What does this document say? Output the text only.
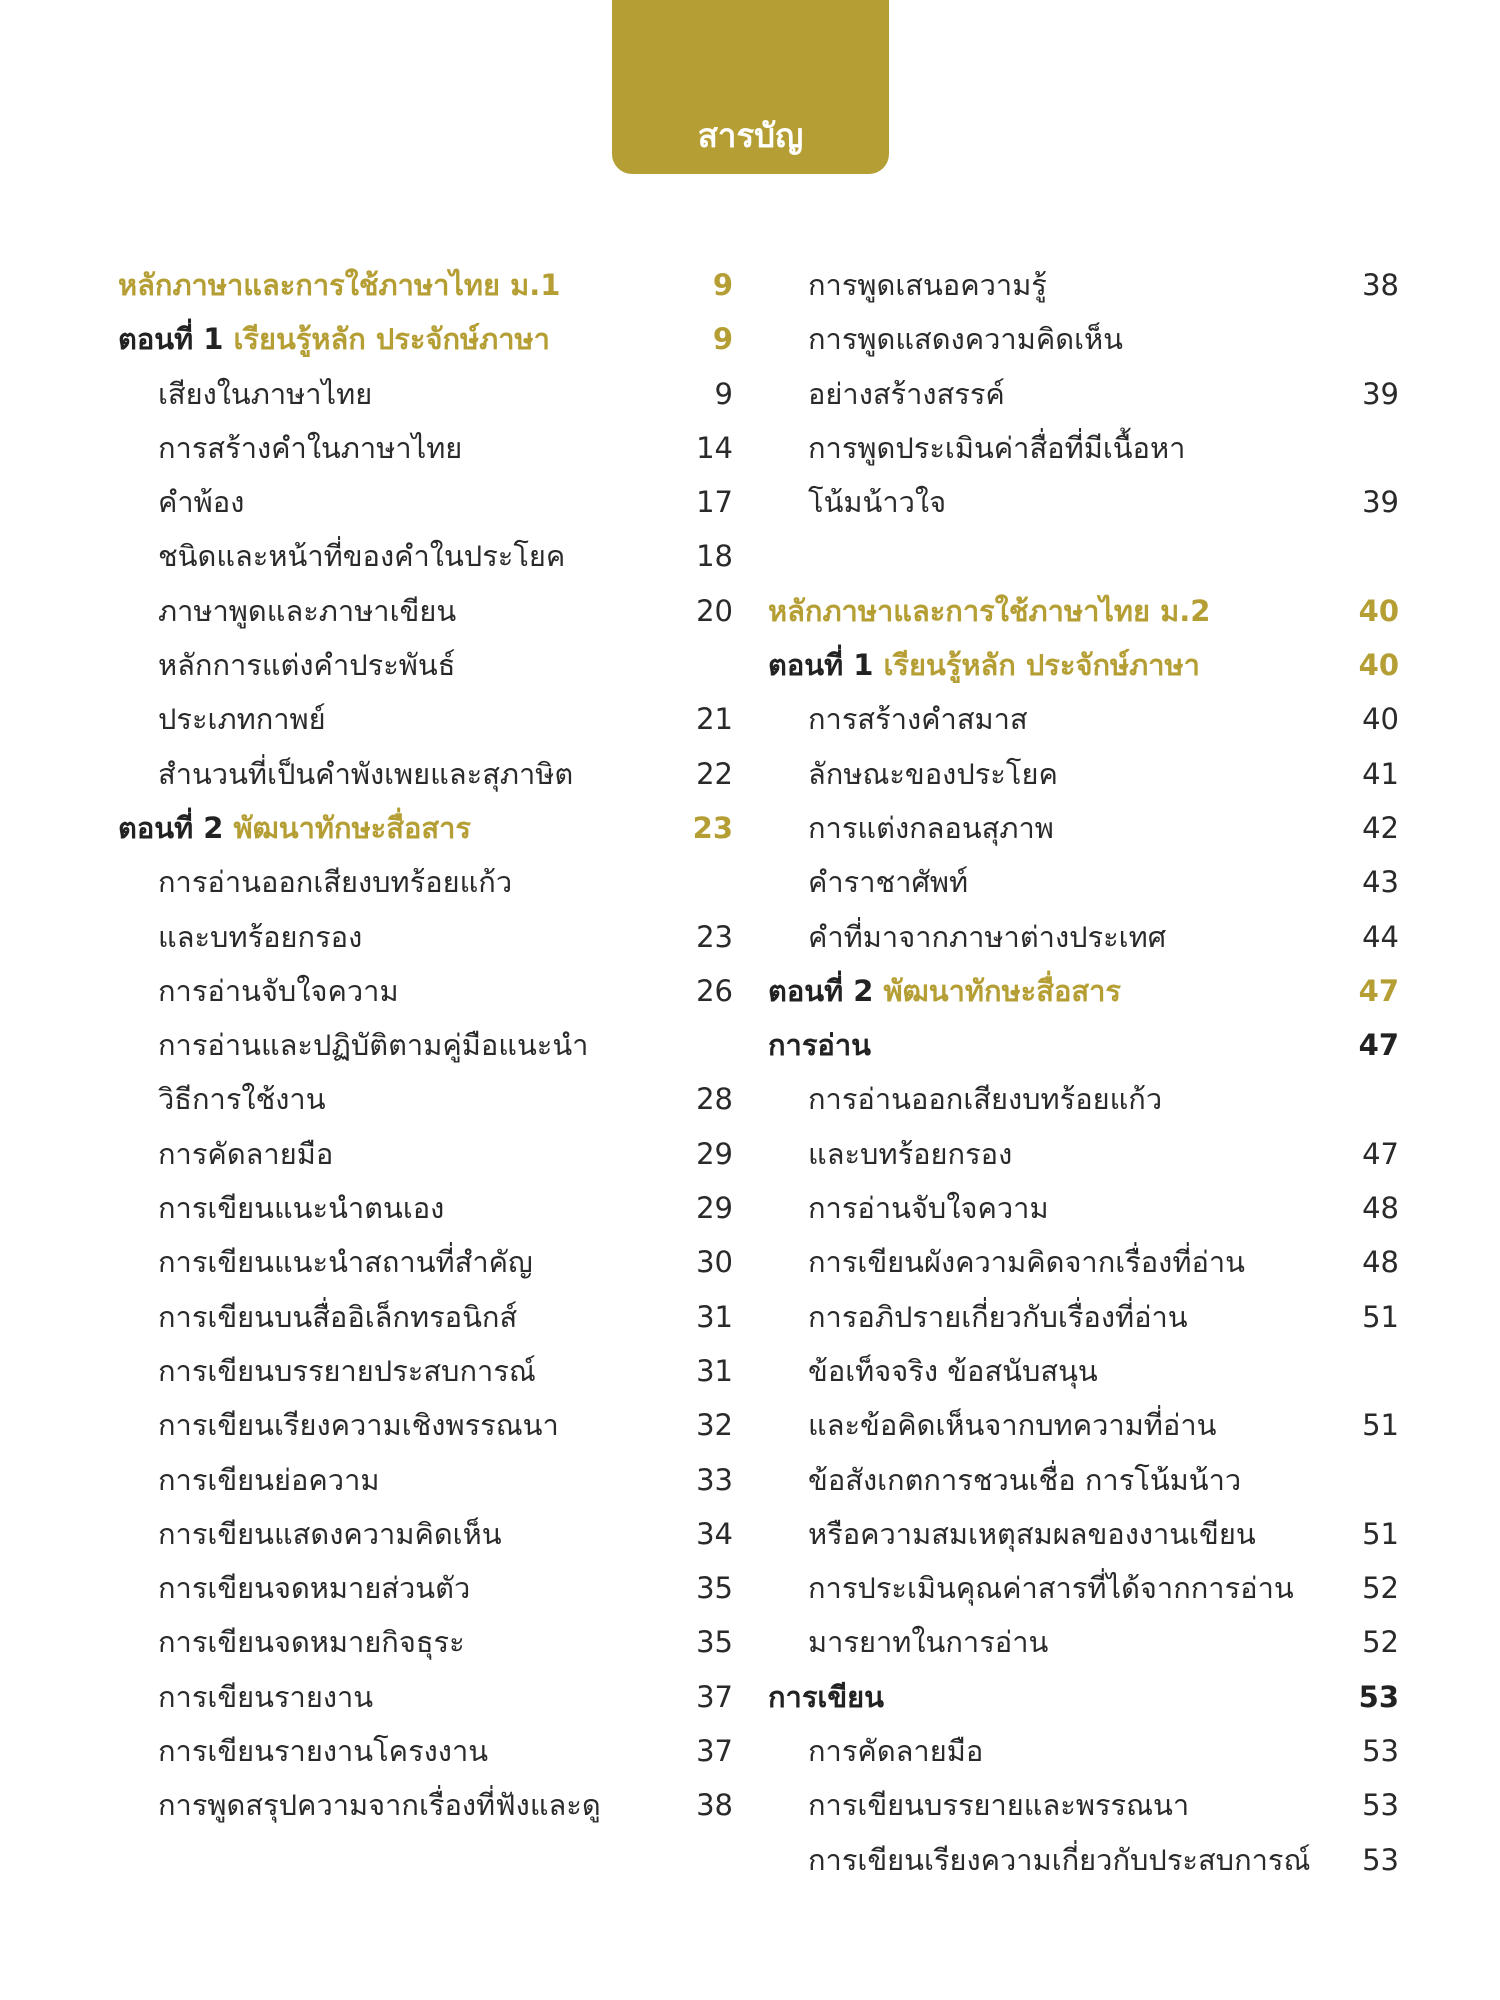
สารบัญ
หลักภาษาและการใช้ภาษาไทย ม.1	9
ตอนที่ 1 เรียนรู้หลัก ประจักษ์ภาษา	9
เสียงในภาษาไทย	9
การสร้างคำในภาษาไทย	14
คำพ้อง	17
ชนิดและหน้าที่ของคำในประโยค	18
ภาษาพูดและภาษาเขียน	20
หลักการแต่งคำประพันธ์
ประเภทกาพย์	21
สำนวนที่เป็นคำพังเพยและสุภาษิต	22
ตอนที่ 2 พัฒนาทักษะสื่อสาร	23
การอ่านออกเสียงบทร้อยแก้ว
และบทร้อยกรอง	23
การอ่านจับใจความ	26
การอ่านและปฏิบัติตามคู่มือแนะนำ
วิธีการใช้งาน	28
การคัดลายมือ	29
การเขียนแนะนำตนเอง	29
การเขียนแนะนำสถานที่สำคัญ	30
การเขียนบนสื่ออิเล็กทรอนิกส์	31
การเขียนบรรยายประสบการณ์	31
การเขียนเรียงความเชิงพรรณนา	32
การเขียนย่อความ	33
การเขียนแสดงความคิดเห็น	34
การเขียนจดหมายส่วนตัว	35
การเขียนจดหมายกิจธุระ	35
การเขียนรายงาน	37
การเขียนรายงานโครงงาน	37
การพูดสรุปความจากเรื่องที่ฟังและดู	38
การพูดเสนอความรู้	38
การพูดแสดงความคิดเห็น
อย่างสร้างสรรค์	39
การพูดประเมินค่าสื่อที่มีเนื้อหา
โน้มน้าวใจ	39
หลักภาษาและการใช้ภาษาไทย ม.2	40
ตอนที่ 1 เรียนรู้หลัก ประจักษ์ภาษา	40
การสร้างคำสมาส	40
ลักษณะของประโยค	41
การแต่งกลอนสุภาพ	42
คำราชาศัพท์	43
คำที่มาจากภาษาต่างประเทศ	44
ตอนที่ 2 พัฒนาทักษะสื่อสาร	47
การอ่าน	47
การอ่านออกเสียงบทร้อยแก้ว
และบทร้อยกรอง	47
การอ่านจับใจความ	48
การเขียนผังความคิดจากเรื่องที่อ่าน	48
การอภิปรายเกี่ยวกับเรื่องที่อ่าน	51
ข้อเท็จจริง ข้อสนับสนุน
และข้อคิดเห็นจากบทความที่อ่าน	51
ข้อสังเกตการชวนเชื่อ การโน้มน้าว
หรือความสมเหตุสมผลของงานเขียน	51
การประเมินคุณค่าสารที่ได้จากการอ่าน 52
มารยาทในการอ่าน	52
การเขียน	53
การคัดลายมือ	53
การเขียนบรรยายและพรรณนา	53
การเขียนเรียงความเกี่ยวกับประสบการณ์ 53
